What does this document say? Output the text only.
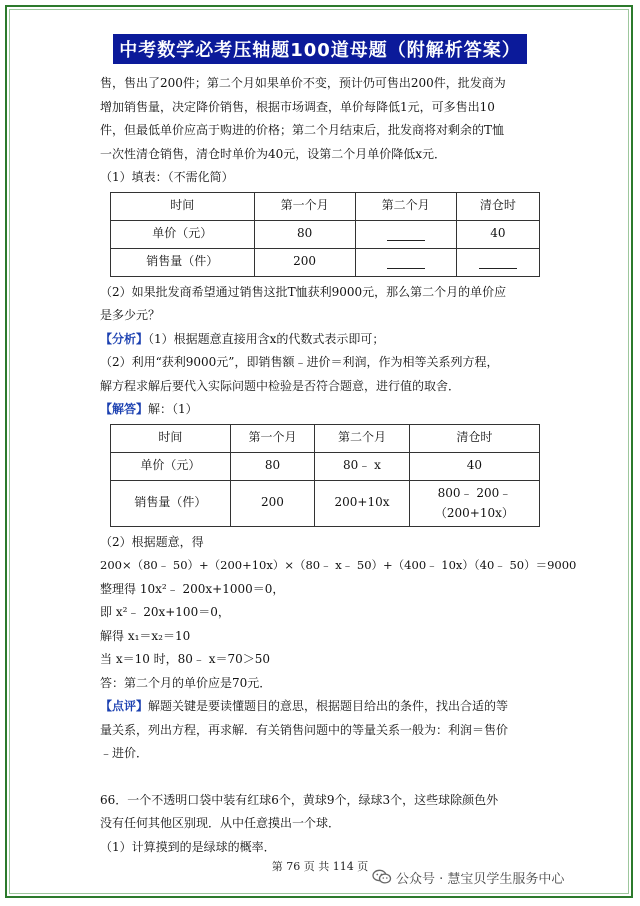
中考数学必考压轴题100道母题（附解析答案）

售，售出了200件；第二个月如果单价不变，预计仍可售出200件，批发商为

增加销售量，决定降价销售，根据市场调查，单价每降低1元，可多售出10

件，但最低单价应高于购进的价格；第二个月结束后，批发商将对剩余的T恤

一次性清仓销售，清仓时单价为40元，设第二个月单价降低x元．

（1）填表：（不需化简）

时间	第一个月	第二个月	清仓时
单价（元）	80		40
销售量（件）	200		

（2）如果批发商希望通过销售这批T恤获利9000元，那么第二个月的单价应

是多少元？

【分析】（1）根据题意直接用含x的代数式表示即可；

（2）利用“获利9000元”，即销售额﹣进价＝利润，作为相等关系列方程，

解方程求解后要代入实际问题中检验是否符合题意，进行值的取舍．

【解答】解：（1）

时间	第一个月	第二个月	清仓时
单价（元）	80	80﹣ x	40
销售量（件）	200	200+10x	800﹣ 200﹣
（200+10x）

（2）根据题意，得

200×（80﹣ 50）+（200+10x）×（80﹣ x﹣ 50）+（400﹣ 10x）（40﹣ 50）＝9000

整理得 10x²﹣ 200x+1000＝0，

即 x²﹣ 20x+100＝0，

解得 x₁＝x₂＝10

当 x＝10 时，80﹣ x＝70＞50

答：第二个月的单价应是70元．

【点评】解题关键是要读懂题目的意思，根据题目给出的条件，找出合适的等

量关系，列出方程，再求解．有关销售问题中的等量关系一般为：利润＝售价

﹣进价．

66．一个不透明口袋中装有红球6个，黄球9个，绿球3个，这些球除颜色外

没有任何其他区别现．从中任意摸出一个球．

（1）计算摸到的是绿球的概率．

第 76 页 共 114 页
公众号 · 慧宝贝学生服务中心
